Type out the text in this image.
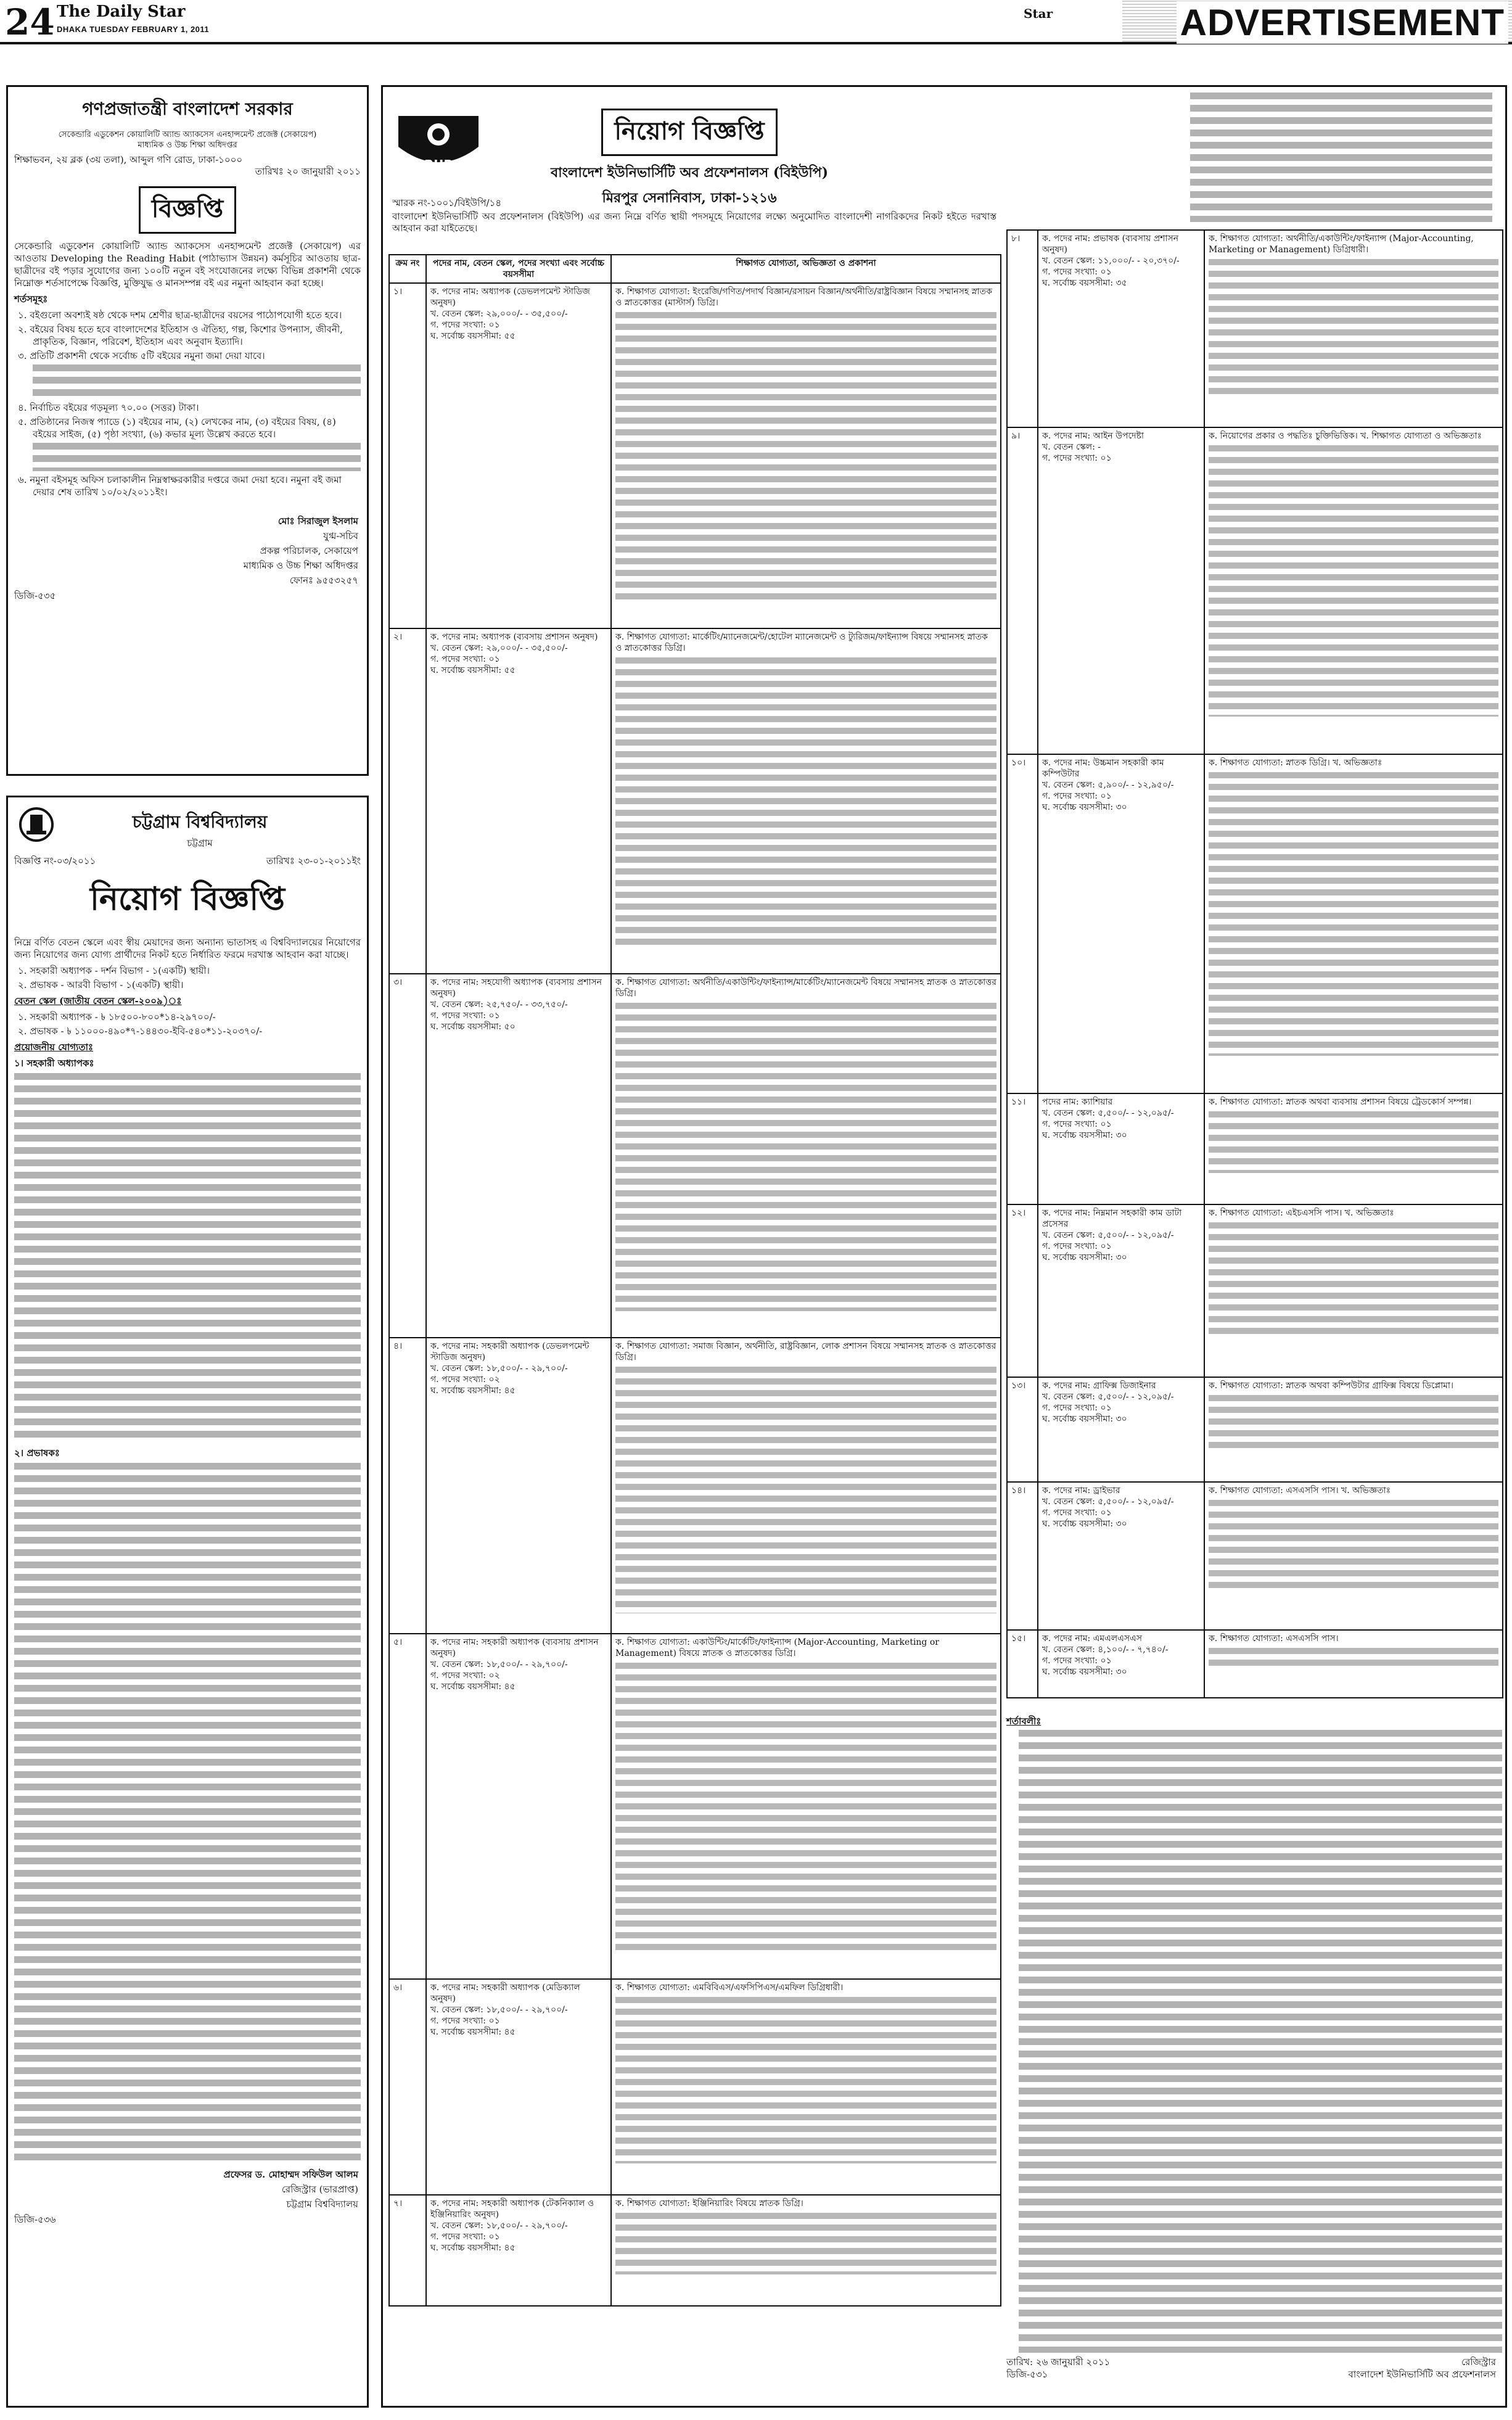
24 The Daily Star
DHAKA TUESDAY FEBRUARY 1, 2011
Star	ADVERTISEMENT
গণপ্রজাতন্ত্রী বাংলাদেশ সরকার
সেকেন্ডারি এডুকেশন কোয়ালিটি অ্যান্ড অ্যাকসেস এনহান্সমেন্ট প্রজেক্ট (সেকায়েপ)
মাধ্যমিক ও উচ্চ শিক্ষা অধিদপ্তর
শিক্ষাভবন, ২য় ব্লক (৩য় তলা), আব্দুল গণি রোড, ঢাকা-১০০০
তারিখঃ ২০ জানুয়ারী ২০১১
বিজ্ঞপ্তি
সেকেন্ডারি এডুকেশন কোয়ালিটি অ্যান্ড অ্যাকসেস এনহান্সমেন্ট প্রজেক্ট (সেকায়েপ) এর আওতায় Developing the Reading Habit (পাঠাভ্যাস উন্নয়ন) কর্মসূচির আওতায় ছাত্র-ছাত্রীদের বই পড়ার সুযোগের জন্য ১০০টি নতুন বই সংযোজনের লক্ষ্যে বিভিন্ন প্রকাশনী থেকে নিম্নোক্ত শর্তসাপেক্ষে বিজ্ঞপ্তি, মুক্তিযুদ্ধ ও মানসম্পন্ন বই এর নমুনা আহবান করা হচ্ছে।
শর্তসমূহঃ
১. বইগুলো অবশ্যই ষষ্ঠ থেকে দশম শ্রেণীর ছাত্র-ছাত্রীদের বয়সের পাঠোপযোগী হতে হবে।
২. বইয়ের বিষয় হতে হবে বাংলাদেশের ইতিহাস ও ঐতিহ্য, গল্প, কিশোর উপন্যাস, জীবনী, প্রাকৃতিক, বিজ্ঞান, পরিবেশ, ইতিহাস এবং অনুবাদ ইত্যাদি।
৩. প্রতিটি প্রকাশনী থেকে সর্বোচ্চ ৫টি বইয়ের নমুনা জমা দেয়া যাবে।
৪. নির্বাচিত বইয়ের গড়মূল্য ৭০.০০ (সত্তর) টাকা।
৫. প্রতিষ্ঠানের নিজস্ব প্যাডে (১) বইয়ের নাম, (২) লেখকের নাম, (৩) বইয়ের বিষয়, (৪) বইয়ের সাইজ, (৫) পৃষ্ঠা সংখ্যা, (৬) কভার মূল্য উল্লেখ করতে হবে।
৬. নমুনা বইসমূহ অফিস চলাকালীন নিম্নস্বাক্ষরকারীর দপ্তরে জমা দেয়া হবে। নমুনা বই জমা দেয়ার শেষ তারিখ ১০/০২/২০১১ইং।
মোঃ সিরাজুল ইসলাম
যুগ্ম-সচিব
প্রকল্প পরিচালক, সেকায়েপ
মাধ্যমিক ও উচ্চ শিক্ষা অধিদপ্তর
ফোনঃ ৯৫৫৩২৫৭
ডিজি-৫৩৫
চট্টগ্রাম বিশ্ববিদ্যালয়
চট্টগ্রাম
বিজ্ঞপ্তি নং-০৩/২০১১	তারিখঃ ২৩-০১-২০১১ইং
নিয়োগ বিজ্ঞপ্তি
নিম্নে বর্ণিত বেতন স্কেলে এবং স্বীয় মেয়াদের জন্য অন্যান্য ভাতাসহ এ বিশ্ববিদ্যালয়ের নিয়োগের জন্য নিয়োগের জন্য যোগ্য প্রার্থীদের নিকট হতে নির্ধারিত ফরমে দরখাস্ত আহবান করা যাচ্ছে।
১. সহকারী অধ্যাপক - দর্শন বিভাগ - ১(একটি) স্থায়ী।
২. প্রভাষক - আরবী বিভাগ - ১(একটি) স্থায়ী।
বেতন স্কেল (জাতীয় বেতন স্কেল-২০০৯)ঃ
১. সহকারী অধ্যাপক - ৳ ১৮৫০০-৮০০*১৪-২৯৭০০/-
২. প্রভাষক - ৳ ১১০০০-৪৯০*৭-১৪৪৩০-ইবি-৫৪০*১১-২০৩৭০/-
প্রয়োজনীয় যোগ্যতাঃ
১। সহকারী অধ্যাপকঃ
২। প্রভাষকঃ
প্রফেসর ড. মোহাম্মদ সফিউল আলম
রেজিস্ট্রার (ভারপ্রাপ্ত)
চট্টগ্রাম বিশ্ববিদ্যালয়
ডিজি-৫৩৬
BUP
নিয়োগ বিজ্ঞপ্তি
বাংলাদেশ ইউনিভার্সিটি অব প্রফেশনালস (বিইউপি)
মিরপুর সেনানিবাস, ঢাকা-১২১৬
স্মারক নং-১০০১/বিইউপি/১৪
বাংলাদেশ ইউনিভার্সিটি অব প্রফেশনালস (বিইউপি) এর জন্য নিম্নে বর্ণিত স্থায়ী পদসমূহে নিয়োগের লক্ষ্যে অনুমোদিত বাংলাদেশী নাগরিকদের নিকট হইতে দরখাস্ত আহবান করা যাইতেছে।
ক্রম নং	পদের নাম, বেতন স্কেল, পদের সংখ্যা এবং সর্বোচ্চ বয়সসীমা	শিক্ষাগত যোগ্যতা, অভিজ্ঞতা ও প্রকাশনা
১।	ক. পদের নাম: অধ্যাপক (ডেভলপমেন্ট স্টাডিজ অনুষদ)
খ. বেতন স্কেল: ২৯,০০০/- - ৩৫,৫০০/-
গ. পদের সংখ্যা: ০১
ঘ. সর্বোচ্চ বয়সসীমা: ৫৫	ক. শিক্ষাগত যোগ্যতা: ইংরেজি/গণিত/পদার্থ বিজ্ঞান/রসায়ন বিজ্ঞান/অর্থনীতি/রাষ্ট্রবিজ্ঞান বিষয়ে সম্মানসহ স্নাতক ও স্নাতকোত্তর (মাস্টার্স) ডিগ্রি।

২।	ক. পদের নাম: অধ্যাপক (ব্যবসায় প্রশাসন অনুষদ)
খ. বেতন স্কেল: ২৯,০০০/- - ৩৫,৫০০/-
গ. পদের সংখ্যা: ০১
ঘ. সর্বোচ্চ বয়সসীমা: ৫৫	ক. শিক্ষাগত যোগ্যতা: মার্কেটিং/ম্যানেজমেন্ট/হোটেল ম্যানেজমেন্ট ও ট্যুরিজম/ফাইন্যান্স বিষয়ে সম্মানসহ স্নাতক ও স্নাতকোত্তর ডিগ্রি।

৩।	ক. পদের নাম: সহযোগী অধ্যাপক (ব্যবসায় প্রশাসন অনুষদ)
খ. বেতন স্কেল: ২৫,৭৫০/- - ৩৩,৭৫০/-
গ. পদের সংখ্যা: ০১
ঘ. সর্বোচ্চ বয়সসীমা: ৫০	ক. শিক্ষাগত যোগ্যতা: অর্থনীতি/একাউন্টিং/ফাইন্যান্স/মার্কেটিং/ম্যানেজমেন্ট বিষয়ে সম্মানসহ স্নাতক ও স্নাতকোত্তর ডিগ্রি।

৪।	ক. পদের নাম: সহকারী অধ্যাপক (ডেভলপমেন্ট স্টাডিজ অনুষদ)
খ. বেতন স্কেল: ১৮,৫০০/- - ২৯,৭০০/-
গ. পদের সংখ্যা: ০২
ঘ. সর্বোচ্চ বয়সসীমা: ৪৫	ক. শিক্ষাগত যোগ্যতা: সমাজ বিজ্ঞান, অর্থনীতি, রাষ্ট্রবিজ্ঞান, লোক প্রশাসন বিষয়ে সম্মানসহ স্নাতক ও স্নাতকোত্তর ডিগ্রি।

৫।	ক. পদের নাম: সহকারী অধ্যাপক (ব্যবসায় প্রশাসন অনুষদ)
খ. বেতন স্কেল: ১৮,৫০০/- - ২৯,৭০০/-
গ. পদের সংখ্যা: ০২
ঘ. সর্বোচ্চ বয়সসীমা: ৪৫	ক. শিক্ষাগত যোগ্যতা: একাউন্টিং/মার্কেটিং/ফাইন্যান্স (Major-Accounting, Marketing or Management) বিষয়ে স্নাতক ও স্নাতকোত্তর ডিগ্রি।

৬।	ক. পদের নাম: সহকারী অধ্যাপক (মেডিক্যাল অনুষদ)
খ. বেতন স্কেল: ১৮,৫০০/- - ২৯,৭০০/-
গ. পদের সংখ্যা: ০১
ঘ. সর্বোচ্চ বয়সসীমা: ৪৫	ক. শিক্ষাগত যোগ্যতা: এমবিবিএস/এফসিপিএস/এমফিল ডিগ্রিধারী।

৭।	ক. পদের নাম: সহকারী অধ্যাপক (টেকনিক্যাল ও ইঞ্জিনিয়ারিং অনুষদ)
খ. বেতন স্কেল: ১৮,৫০০/- - ২৯,৭০০/-
গ. পদের সংখ্যা: ০১
ঘ. সর্বোচ্চ বয়সসীমা: ৪৫	ক. শিক্ষাগত যোগ্যতা: ইঞ্জিনিয়ারিং বিষয়ে স্নাতক ডিগ্রি।
৮।	ক. পদের নাম: প্রভাষক (ব্যবসায় প্রশাসন অনুষদ)
খ. বেতন স্কেল: ১১,০০০/- - ২০,৩৭০/-
গ. পদের সংখ্যা: ০১
ঘ. সর্বোচ্চ বয়সসীমা: ৩৫	ক. শিক্ষাগত যোগ্যতা: অর্থনীতি/একাউন্টিং/ফাইন্যান্স (Major-Accounting, Marketing or Management) ডিগ্রিধারী।

৯।	ক. পদের নাম: আইন উপদেষ্টা
খ. বেতন স্কেল: -
গ. পদের সংখ্যা: ০১	ক. নিয়োগের প্রকার ও পদ্ধতিঃ চুক্তিভিত্তিক। খ. শিক্ষাগত যোগ্যতা ও অভিজ্ঞতাঃ

১০।	ক. পদের নাম: উচ্চমান সহকারী কাম কম্পিউটার
খ. বেতন স্কেল: ৫,৯০০/- - ১২,৯৫০/-
গ. পদের সংখ্যা: ০১
ঘ. সর্বোচ্চ বয়সসীমা: ৩০	ক. শিক্ষাগত যোগ্যতা: স্নাতক ডিগ্রি। খ. অভিজ্ঞতাঃ

১১।	পদের নাম: ক্যাশিয়ার
খ. বেতন স্কেল: ৫,৫০০/- - ১২,০৯৫/-
গ. পদের সংখ্যা: ০১
ঘ. সর্বোচ্চ বয়সসীমা: ৩০	ক. শিক্ষাগত যোগ্যতা: স্নাতক অথবা ব্যবসায় প্রশাসন বিষয়ে ট্রেডকোর্স সম্পন্ন।

১২।	ক. পদের নাম: নিম্নমান সহকারী কাম ডাটা প্রসেসর
খ. বেতন স্কেল: ৫,৫০০/- - ১২,০৯৫/-
গ. পদের সংখ্যা: ০১
ঘ. সর্বোচ্চ বয়সসীমা: ৩০	ক. শিক্ষাগত যোগ্যতা: এইচএসসি পাস। খ. অভিজ্ঞতাঃ

১৩।	ক. পদের নাম: গ্রাফিক্স ডিজাইনার
খ. বেতন স্কেল: ৫,৫০০/- - ১২,০৯৫/-
গ. পদের সংখ্যা: ০১
ঘ. সর্বোচ্চ বয়সসীমা: ৩০	ক. শিক্ষাগত যোগ্যতা: স্নাতক অথবা কম্পিউটার গ্রাফিক্স বিষয়ে ডিপ্লোমা।

১৪।	ক. পদের নাম: ড্রাইভার
খ. বেতন স্কেল: ৫,৫০০/- - ১২,০৯৫/-
গ. পদের সংখ্যা: ০১
ঘ. সর্বোচ্চ বয়সসীমা: ৩০	ক. শিক্ষাগত যোগ্যতা: এসএসসি পাস। খ. অভিজ্ঞতাঃ

১৫।	ক. পদের নাম: এমএলএসএস
খ. বেতন স্কেল: ৪,১০০/- - ৭,৭৪০/-
গ. পদের সংখ্যা: ০১
ঘ. সর্বোচ্চ বয়সসীমা: ৩০	ক. শিক্ষাগত যোগ্যতা: এসএসসি পাস।
শর্তাবলীঃ
তারিখ: ২৬ জানুয়ারী ২০১১	রেজিস্ট্রার
ডিজি-৫৩১	বাংলাদেশ ইউনিভার্সিটি অব প্রফেশনালস
